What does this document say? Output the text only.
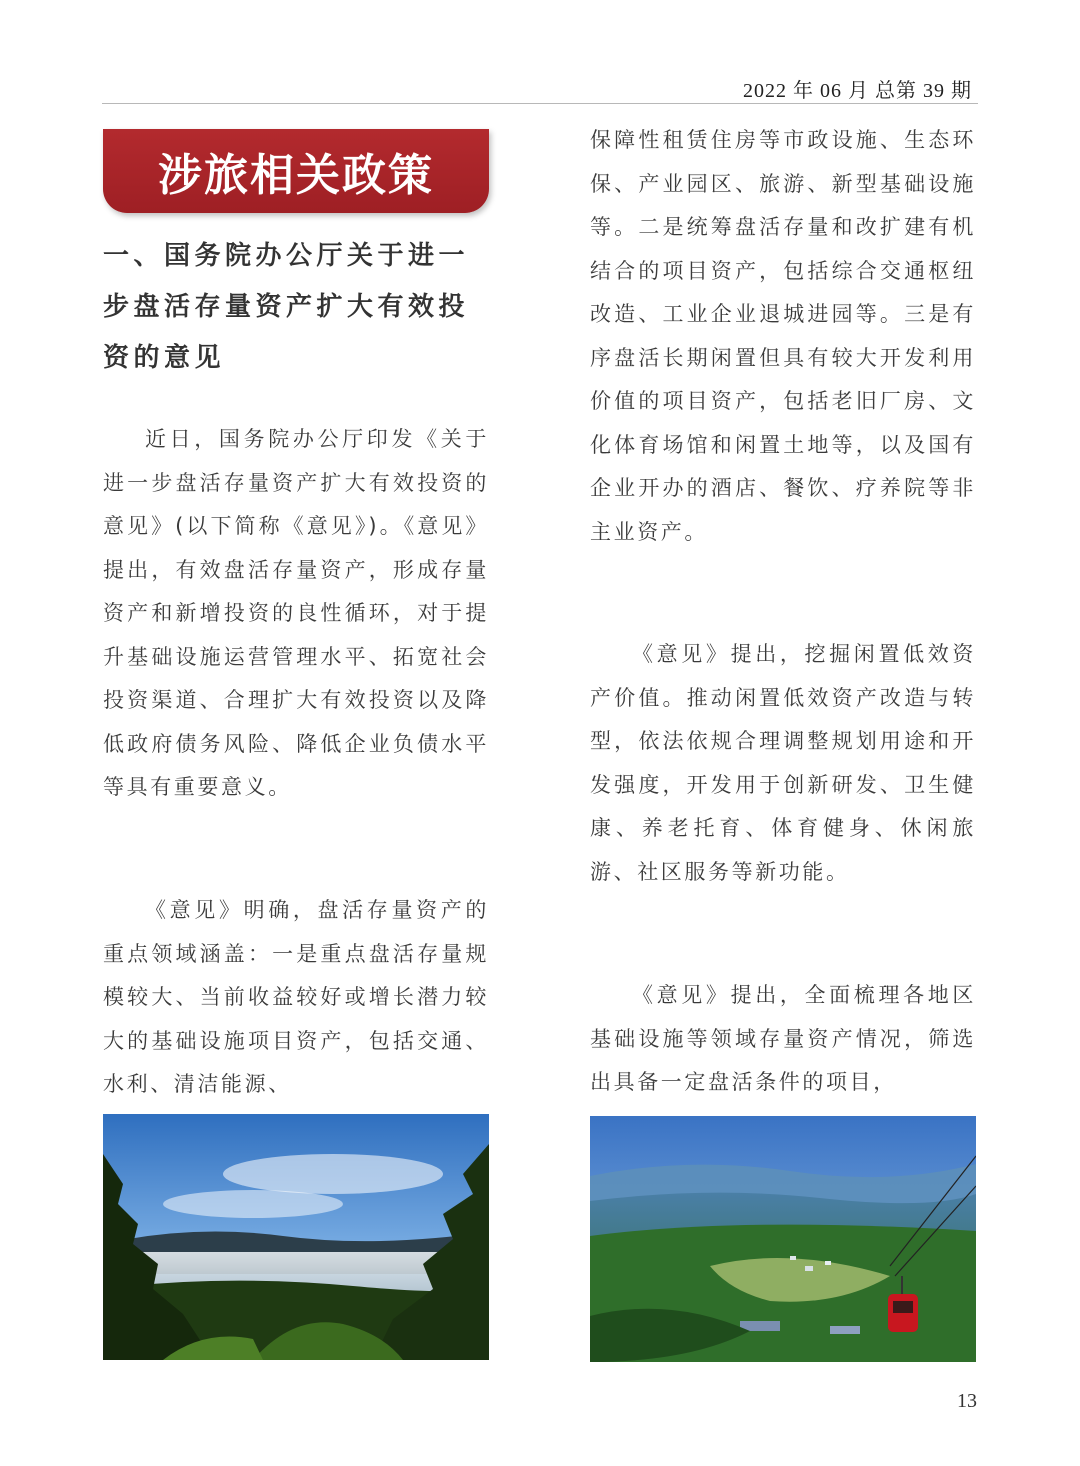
2022 年 06 月 总第 39 期
涉旅相关政策
一、国务院办公厅关于进一步盘活存量资产扩大有效投资的意见

近日，国务院办公厅印发《关于进一步盘活存量资产扩大有效投资的意见》(以下简称《意见》)。《意见》提出，有效盘活存量资产，形成存量资产和新增投资的良性循环，对于提升基础设施运营管理水平、拓宽社会投资渠道、合理扩大有效投资以及降低政府债务风险、降低企业负债水平等具有重要意义。

《意见》明确，盘活存量资产的重点领域涵盖：一是重点盘活存量规模较大、当前收益较好或增长潜力较大的基础设施项目资产，包括交通、水利、清洁能源、

保障性租赁住房等市政设施、生态环保、产业园区、旅游、新型基础设施等。二是统筹盘活存量和改扩建有机结合的项目资产，包括综合交通枢纽改造、工业企业退城进园等。三是有序盘活长期闲置但具有较大开发利用价值的项目资产，包括老旧厂房、文化体育场馆和闲置土地等，以及国有企业开办的酒店、餐饮、疗养院等非主业资产。

《意见》提出，挖掘闲置低效资产价值。推动闲置低效资产改造与转型，依法依规合理调整规划用途和开发强度，开发用于创新研发、卫生健康、养老托育、体育健身、休闲旅游、社区服务等新功能。

《意见》提出，全面梳理各地区基础设施等领域存量资产情况，筛选出具备一定盘活条件的项目，

13
